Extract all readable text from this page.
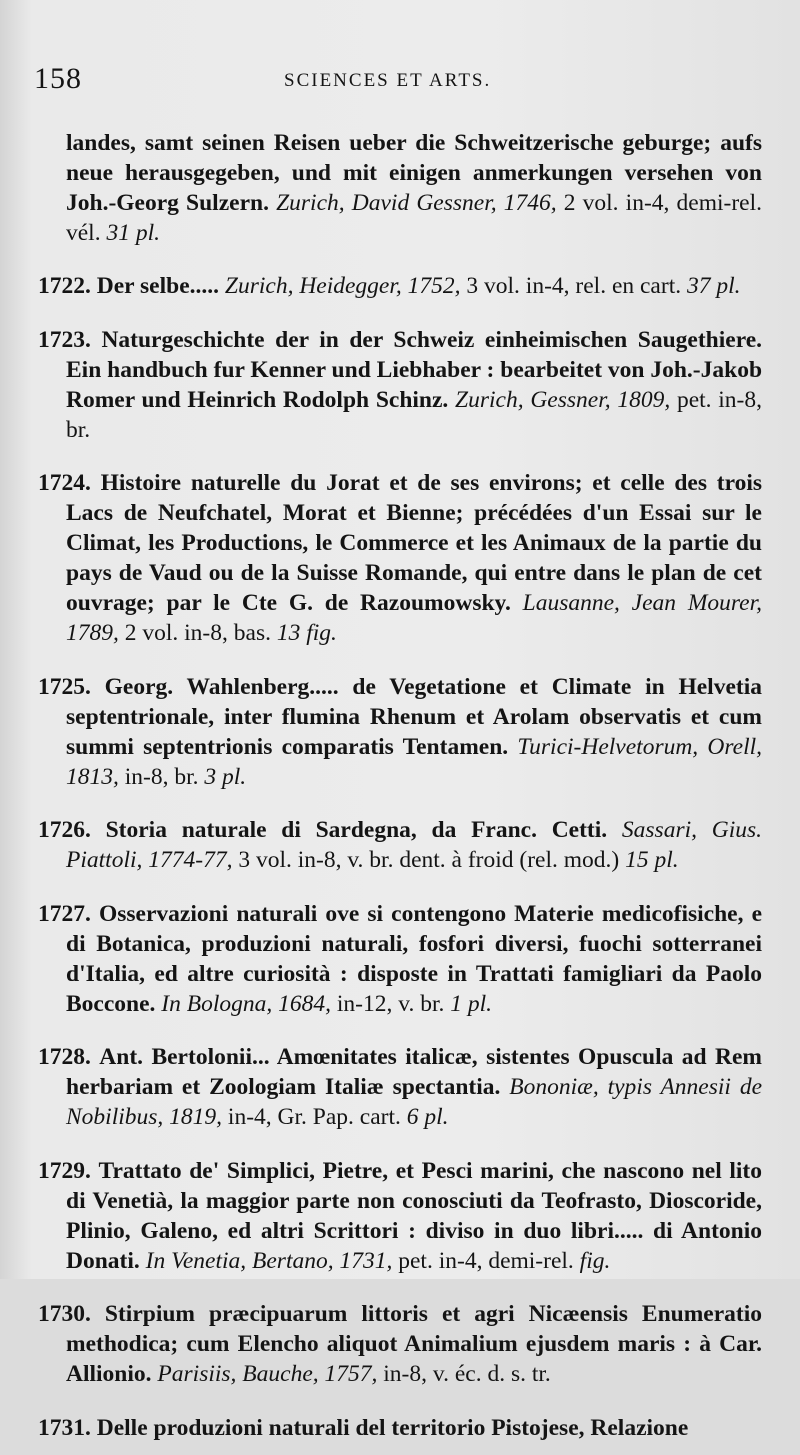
158	SCIENCES ET ARTS.

landes, samt seinen Reisen ueber die Schweitzerische geburge; aufs neue herausgegeben, und mit einigen anmerkungen versehen von Joh.-Georg Sulzern. Zurich, David Gessner, 1746, 2 vol. in-4, demi-rel. vél. 31 pl.

1722. Der selbe..... Zurich, Heidegger, 1752, 3 vol. in-4, rel. en cart. 37 pl.

1723. Naturgeschichte der in der Schweiz einheimischen Saugethiere. Ein handbuch fur Kenner und Liebhaber : bearbeitet von Joh.-Jakob Romer und Heinrich Rodolph Schinz. Zurich, Gessner, 1809, pet. in-8, br.

1724. Histoire naturelle du Jorat et de ses environs; et celle des trois Lacs de Neufchatel, Morat et Bienne; précédées d'un Essai sur le Climat, les Productions, le Commerce et les Animaux de la partie du pays de Vaud ou de la Suisse Romande, qui entre dans le plan de cet ouvrage; par le Cte G. de Razoumowsky. Lausanne, Jean Mourer, 1789, 2 vol. in-8, bas. 13 fig.

1725. Georg. Wahlenberg..... de Vegetatione et Climate in Helvetia septentrionale, inter flumina Rhenum et Arolam observatis et cum summi septentrionis comparatis Tentamen. Turici-Helvetorum, Orell, 1813, in-8, br. 3 pl.

1726. Storia naturale di Sardegna, da Franc. Cetti. Sassari, Gius. Piattoli, 1774-77, 3 vol. in-8, v. br. dent. à froid (rel. mod.) 15 pl.

1727. Osservazioni naturali ove si contengono Materie medicofisiche, e di Botanica, produzioni naturali, fosfori diversi, fuochi sotterranei d'Italia, ed altre curiosità : disposte in Trattati famigliari da Paolo Boccone. In Bologna, 1684, in-12, v. br. 1 pl.

1728. Ant. Bertolonii... Amœnitates italicæ, sistentes Opuscula ad Rem herbariam et Zoologiam Italiæ spectantia. Bononiæ, typis Annesii de Nobilibus, 1819, in-4, Gr. Pap. cart. 6 pl.

1729. Trattato de' Simplici, Pietre, et Pesci marini, che nascono nel lito di Venetià, la maggior parte non conosciuti da Teofrasto, Dioscoride, Plinio, Galeno, ed altri Scrittori : diviso in duo libri..... di Antonio Donati. In Venetia, Bertano, 1731, pet. in-4, demi-rel. fig.

1730. Stirpium præcipuarum littoris et agri Nicæensis Enumeratio methodica; cum Elencho aliquot Animalium ejusdem maris : à Car. Allionio. Parisiis, Bauche, 1757, in-8, v. éc. d. s. tr.

1731. Delle produzioni naturali del territorio Pistojese, Relazione
